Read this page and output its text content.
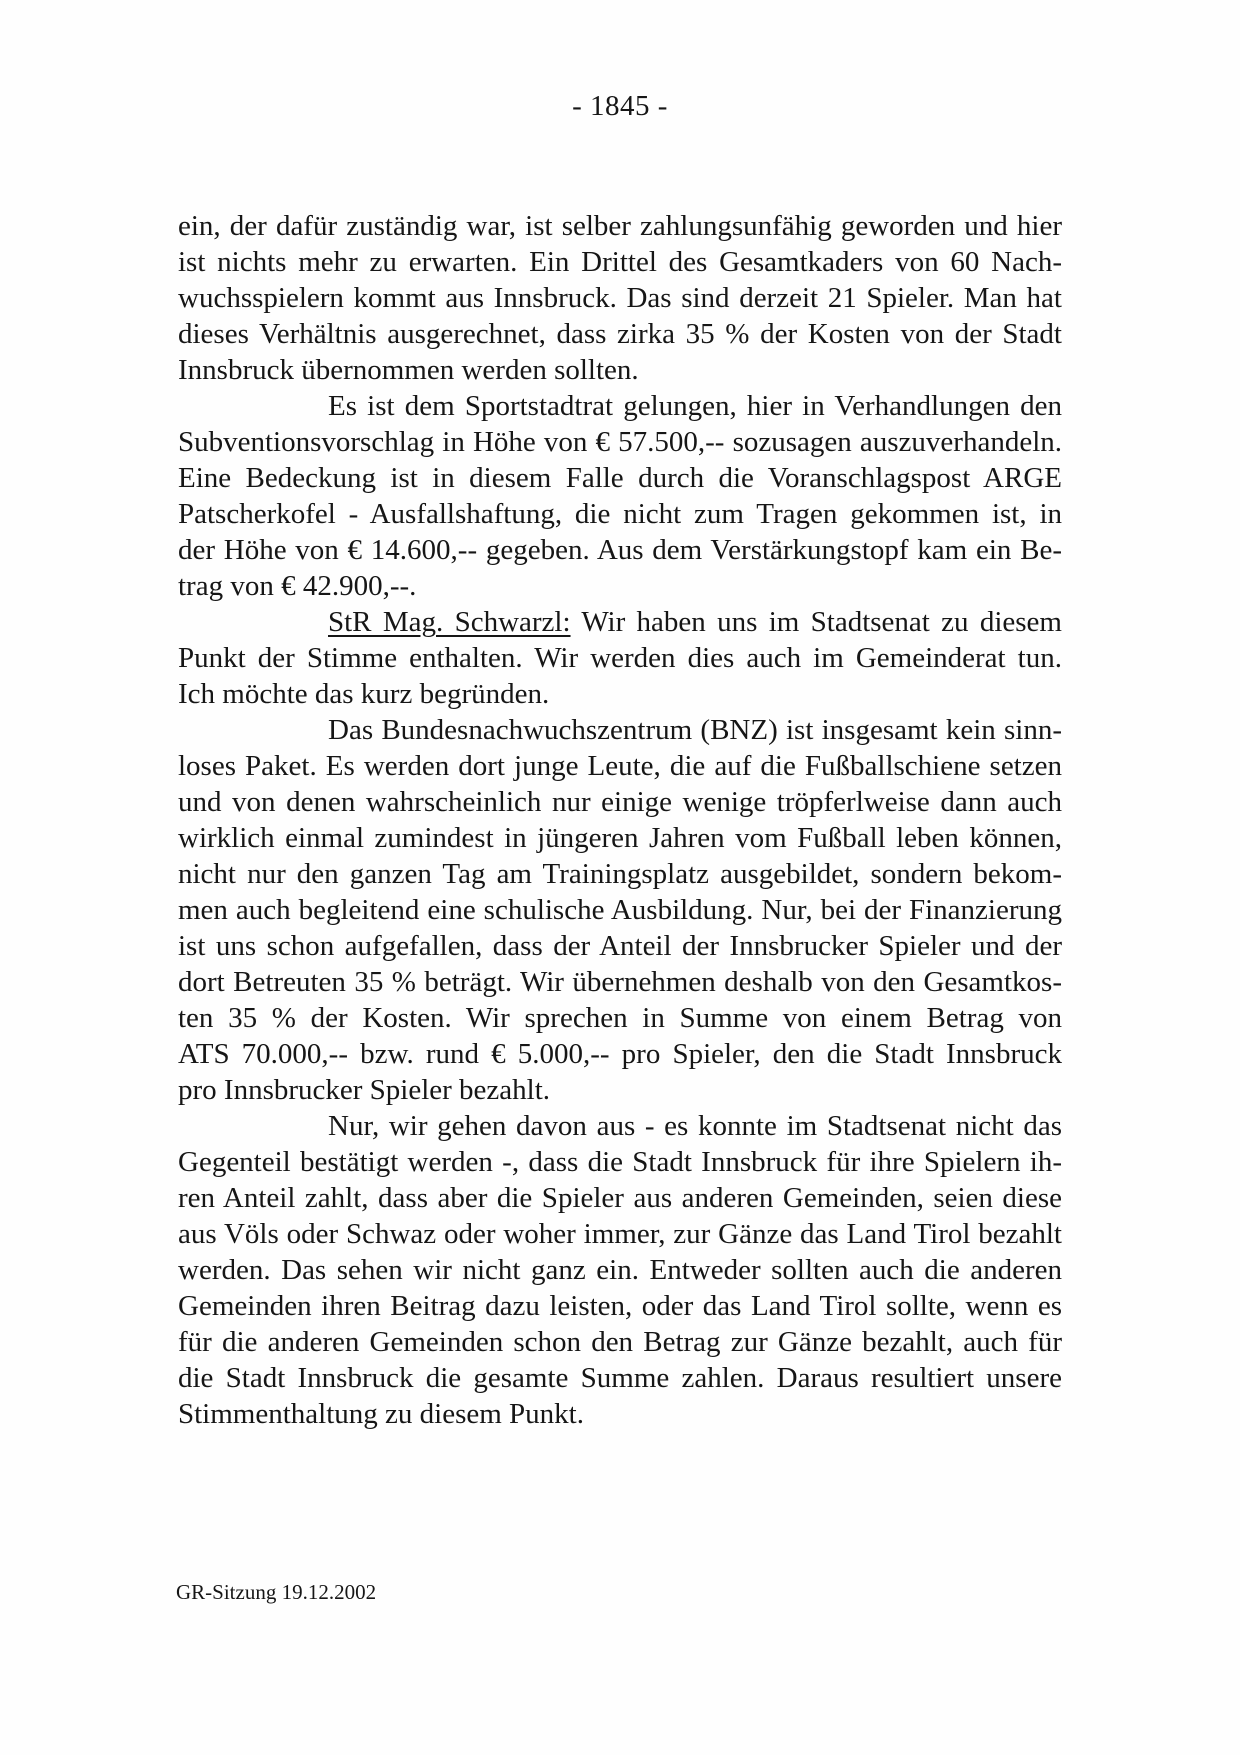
- 1845 -
ein, der dafür zuständig war, ist selber zahlungsunfähig geworden und hier
ist nichts mehr zu erwarten. Ein Drittel des Gesamtkaders von 60 Nach-
wuchsspielern kommt aus Innsbruck. Das sind derzeit 21 Spieler. Man hat
dieses Verhältnis ausgerechnet, dass zirka 35 % der Kosten von der Stadt
Innsbruck übernommen werden sollten.
Es ist dem Sportstadtrat gelungen, hier in Verhandlungen den
Subventionsvorschlag in Höhe von € 57.500,-- sozusagen auszuverhandeln.
Eine Bedeckung ist in diesem Falle durch die Voranschlagspost ARGE
Patscherkofel - Ausfallshaftung, die nicht zum Tragen gekommen ist, in
der Höhe von € 14.600,-- gegeben. Aus dem Verstärkungstopf kam ein Be-
trag von € 42.900,--.
StR Mag. Schwarzl: Wir haben uns im Stadtsenat zu diesem
Punkt der Stimme enthalten. Wir werden dies auch im Gemeinderat tun.
Ich möchte das kurz begründen.
Das Bundesnachwuchszentrum (BNZ) ist insgesamt kein sinn-
loses Paket. Es werden dort junge Leute, die auf die Fußballschiene setzen
und von denen wahrscheinlich nur einige wenige tröpferlweise dann auch
wirklich einmal zumindest in jüngeren Jahren vom Fußball leben können,
nicht nur den ganzen Tag am Trainingsplatz ausgebildet, sondern bekom-
men auch begleitend eine schulische Ausbildung. Nur, bei der Finanzierung
ist uns schon aufgefallen, dass der Anteil der Innsbrucker Spieler und der
dort Betreuten 35 % beträgt. Wir übernehmen deshalb von den Gesamtkos-
ten 35 % der Kosten. Wir sprechen in Summe von einem Betrag von
ATS 70.000,-- bzw. rund € 5.000,-- pro Spieler, den die Stadt Innsbruck
pro Innsbrucker Spieler bezahlt.
Nur, wir gehen davon aus - es konnte im Stadtsenat nicht das
Gegenteil bestätigt werden -, dass die Stadt Innsbruck für ihre Spielern ih-
ren Anteil zahlt, dass aber die Spieler aus anderen Gemeinden, seien diese
aus Völs oder Schwaz oder woher immer, zur Gänze das Land Tirol bezahlt
werden. Das sehen wir nicht ganz ein. Entweder sollten auch die anderen
Gemeinden ihren Beitrag dazu leisten, oder das Land Tirol sollte, wenn es
für die anderen Gemeinden schon den Betrag zur Gänze bezahlt, auch für
die Stadt Innsbruck die gesamte Summe zahlen. Daraus resultiert unsere
Stimmenthaltung zu diesem Punkt.
GR-Sitzung 19.12.2002
